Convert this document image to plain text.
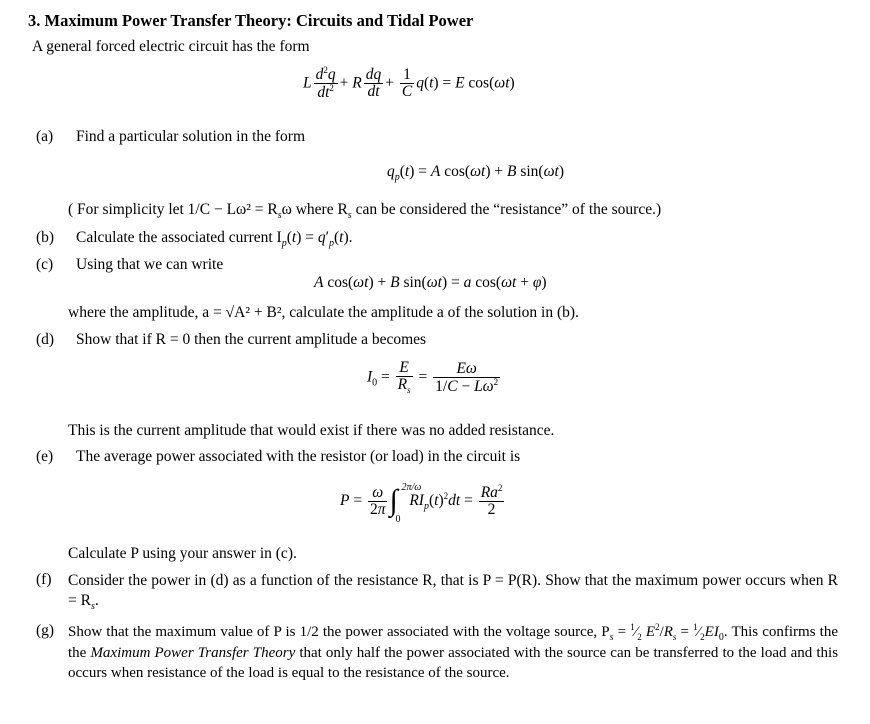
3. Maximum Power Transfer Theory: Circuits and Tidal Power
A general forced electric circuit has the form
L $\frac{d^2q}{dt^2} + R \frac{dq}{dt} + \frac{1}{C} q(t) = E$ cos(ωt)
(a) Find a particular solution in the form
$q_p(t) = A$ cos(ωt) + B sin(ωt)
( For simplicity let $1/C - L\omega^2 = R_s\omega$ where $R_s$ can be considered the “resistance” of the source.)
(b) Calculate the associated current $I_p(t) = q'_p(t)$.
(c) Using that we can write
A cos(ωt) + B sin(ωt) = a cos(ωt + φ)
where the amplitude, a = √A² + B², calculate the amplitude a of the solution in (b).
(d) Show that if R = 0 then the current amplitude a becomes
$I_0 = \frac{E}{R_s} = \frac{E\omega}{1/C - L\omega^2}$
This is the current amplitude that would exist if there was no added resistance.
(e) The average power associated with the resistor (or load) in the circuit is
$P = \frac{\omega}{2\pi}$ ∫ 2π/ω
0
$RI_p(t)^2dt = \frac{Ra^2}{2}$
Calculate P using your answer in (c).
(f) Consider the power in (d) as a function of the resistance R, that is P = P(R). Show that the maximum power occurs when $R = R_s$.
(g) Show that the maximum value of P is 1/2 the power associated with the voltage source, $P_s$ = $^1⁄_2$ $E^2/R_s$ = $^1⁄_2EI_0$. This confirms the the Maximum Power Transfer Theory that only half the power associated with the source can be transferred to the load and this occurs when resistance of the load is equal to the resistance of the source.
